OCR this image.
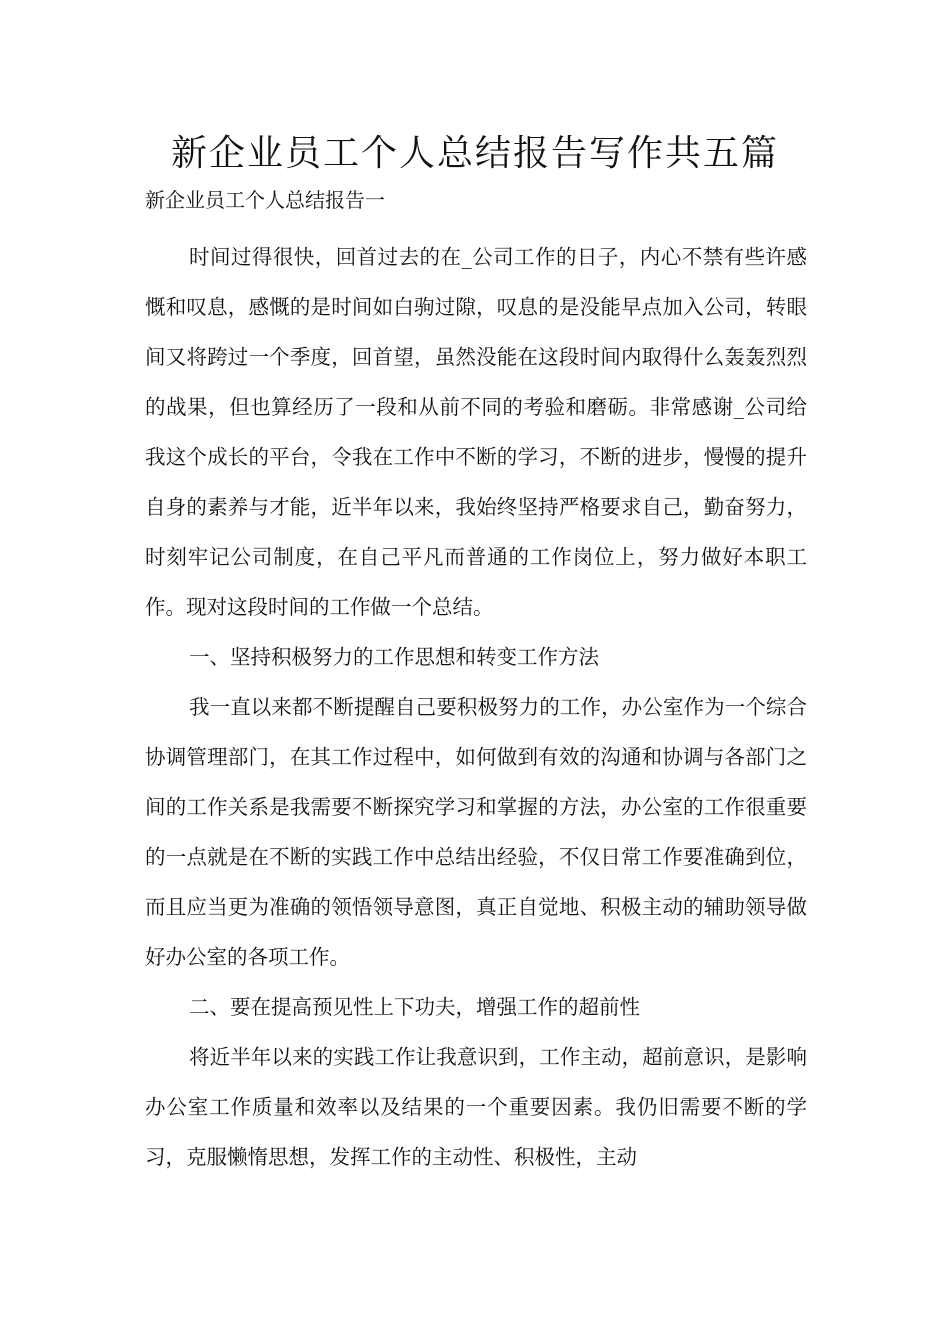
新企业员工个人总结报告写作共五篇

新企业员工个人总结报告一

时间过得很快，回首过去的在_公司工作的日子，内心不禁有些许感慨和叹息，感慨的是时间如白驹过隙，叹息的是没能早点加入公司，转眼间又将跨过一个季度，回首望，虽然没能在这段时间内取得什么轰轰烈烈的战果，但也算经历了一段和从前不同的考验和磨砺。非常感谢_公司给我这个成长的平台，令我在工作中不断的学习，不断的进步，慢慢的提升自身的素养与才能，近半年以来，我始终坚持严格要求自己，勤奋努力，时刻牢记公司制度，在自己平凡而普通的工作岗位上，努力做好本职工作。现对这段时间的工作做一个总结。

一、坚持积极努力的工作思想和转变工作方法

我一直以来都不断提醒自己要积极努力的工作，办公室作为一个综合协调管理部门，在其工作过程中，如何做到有效的沟通和协调与各部门之间的工作关系是我需要不断探究学习和掌握的方法，办公室的工作很重要的一点就是在不断的实践工作中总结出经验，不仅日常工作要准确到位，而且应当更为准确的领悟领导意图，真正自觉地、积极主动的辅助领导做好办公室的各项工作。

二、要在提高预见性上下功夫，增强工作的超前性

将近半年以来的实践工作让我意识到，工作主动，超前意识，是影响办公室工作质量和效率以及结果的一个重要因素。我仍旧需要不断的学习，克服懒惰思想，发挥工作的主动性、积极性，主动
